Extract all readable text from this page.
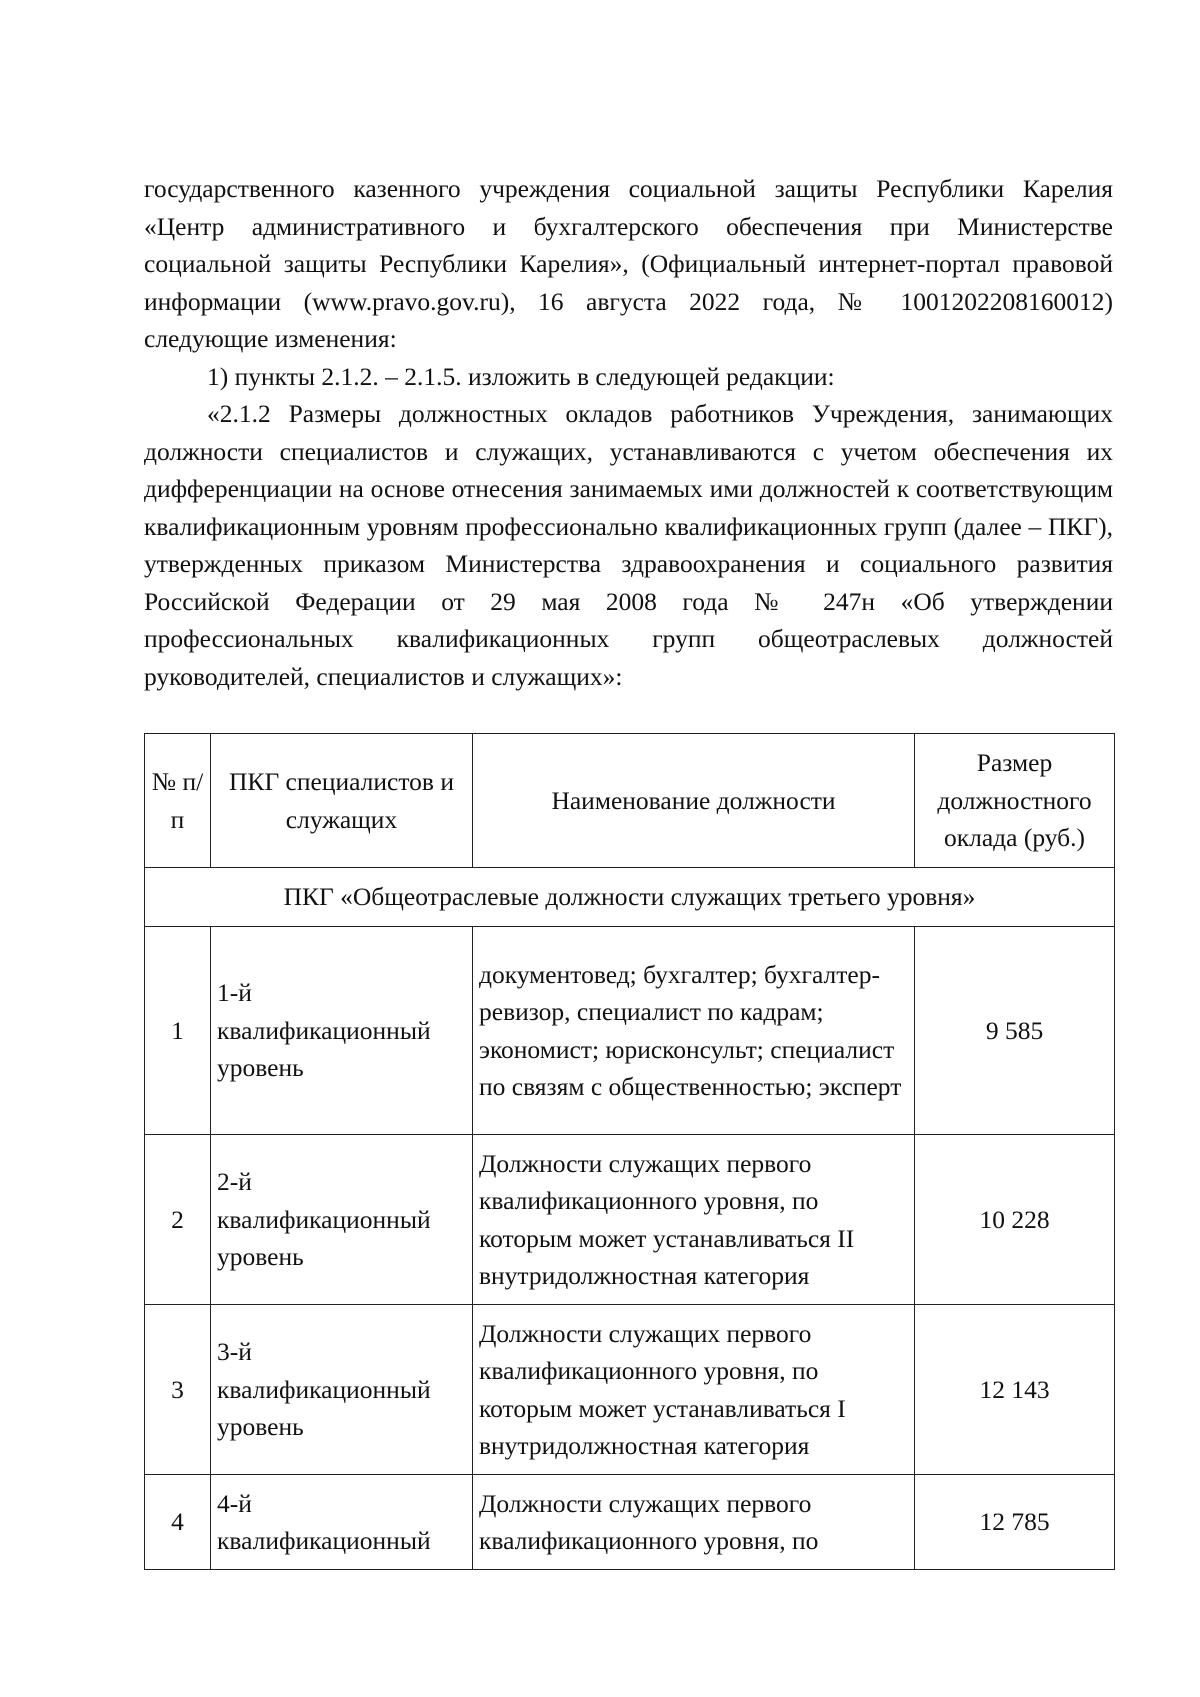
государственного казенного учреждения социальной защиты Республики Карелия «Центр административного и бухгалтерского обеспечения при Министерстве социальной защиты Республики Карелия», (Официальный интернет-портал правовой информации (www.pravo.gov.ru), 16 августа 2022 года, № 1001202208160012) следующие изменения:

1) пункты 2.1.2. – 2.1.5. изложить в следующей редакции:

«2.1.2 Размеры должностных окладов работников Учреждения, занимающих должности специалистов и служащих, устанавливаются с учетом обеспечения их дифференциации на основе отнесения занимаемых ими должностей к соответствующим квалификационным уровням профессионально квалификационных групп (далее – ПКГ), утвержденных приказом Министерства здравоохранения и социального развития Российской Федерации от 29 мая 2008 года № 247н «Об утверждении профессиональных квалификационных групп общеотраслевых должностей руководителей, специалистов и служащих»:

№ п/п	ПКГ специалистов и служащих	Наименование должности	Размер должностного оклада (руб.)
ПКГ «Общеотраслевые должности служащих третьего уровня»			
1	1-й квалификационный уровень	документовед; бухгалтер; бухгалтер-ревизор, специалист по кадрам; экономист; юрисконсульт; специалист по связям с общественностью; эксперт	9 585
2	2-й квалификационный уровень	Должности служащих первого квалификационного уровня, по которым может устанавливаться II внутридолжностная категория	10 228
3	3-й квалификационный уровень	Должности служащих первого квалификационного уровня, по которым может устанавливаться I внутридолжностная категория	12 143
4	4-й квалификационный	Должности служащих первого квалификационного уровня, по	12 785
